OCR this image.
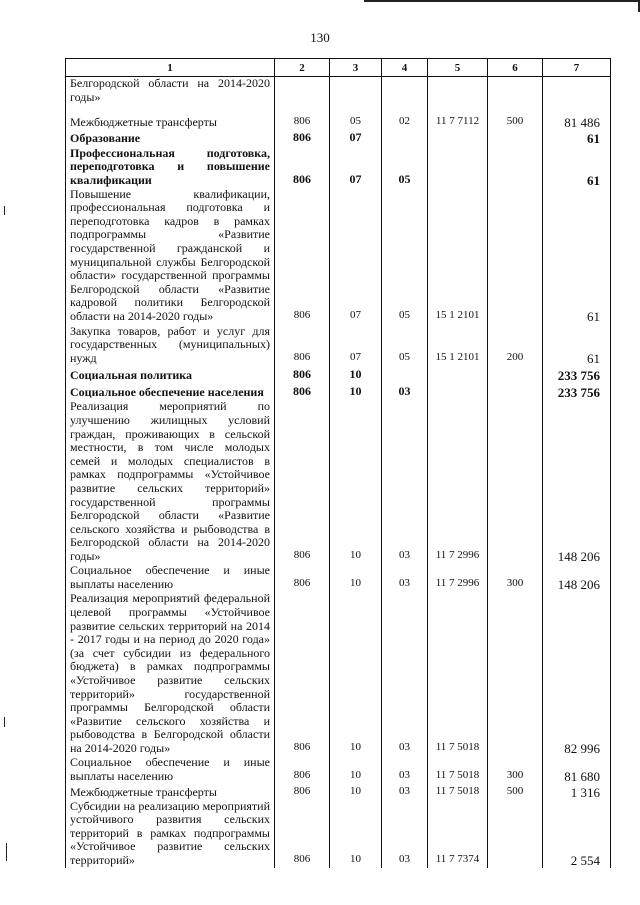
130
1	2	3	4	5	6	7
Белгородской области на 2014-2020 годы»						
Межбюджетные трансферты	806	05	02	11 7 7112	500	81 486
Образование	806	07				61
Профессиональная подготовка, переподготовка и повышение квалификации	806	07	05			61
Повышение квалификации, профессиональная подготовка и переподготовка кадров в рамках подпрограммы «Развитие государственной гражданской и муниципальной службы Белгородской области» государственной программы Белгородской области «Развитие кадровой политики Белгородской области на 2014-2020 годы»	806	07	05	15 1 2101		61
Закупка товаров, работ и услуг для государственных (муниципальных) нужд	806	07	05	15 1 2101	200	61
Социальная политика	806	10				233 756
Социальное обеспечение населения	806	10	03			233 756
Реализация мероприятий по улучшению жилищных условий граждан, проживающих в сельской местности, в том числе молодых семей и молодых специалистов в рамках подпрограммы «Устойчивое развитие сельских территорий» государственной программы Белгородской области «Развитие сельского хозяйства и рыбоводства в Белгородской области на 2014-2020 годы»	806	10	03	11 7 2996		148 206
Социальное обеспечение и иные выплаты населению	806	10	03	11 7 2996	300	148 206
Реализация мероприятий федеральной целевой программы «Устойчивое развитие сельских территорий на 2014 - 2017 годы и на период до 2020 года» (за счет субсидии из федерального бюджета) в рамках подпрограммы «Устойчивое развитие сельских территорий» государственной программы Белгородской области «Развитие сельского хозяйства и рыбоводства в Белгородской области на 2014-2020 годы»	806	10	03	11 7 5018		82 996
Социальное обеспечение и иные выплаты населению	806	10	03	11 7 5018	300	81 680
Межбюджетные трансферты	806	10	03	11 7 5018	500	1 316
Субсидии на реализацию мероприятий устойчивого развития сельских территорий в рамках подпрограммы «Устойчивое развитие сельских территорий»	806	10	03	11 7 7374		2 554
